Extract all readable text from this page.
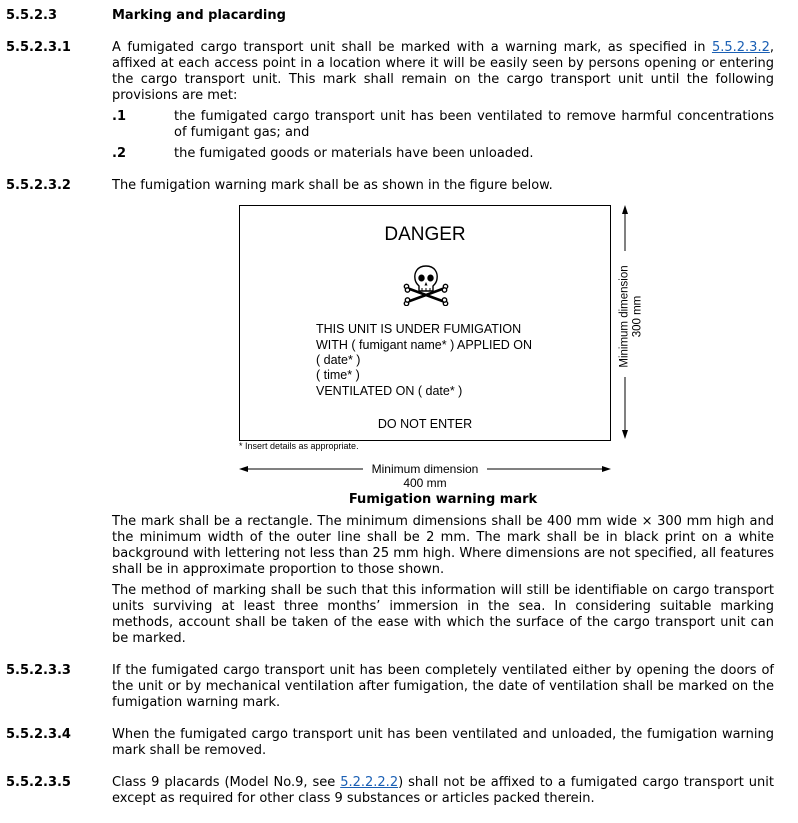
5.5.2.3	Marking and placarding
5.5.2.3.1	A fumigated cargo transport unit shall be marked with a warning mark, as specified in 5.5.2.3.2, affixed at each access point in a location where it will be easily seen by persons opening or entering the cargo transport unit. This mark shall remain on the cargo transport unit until the following provisions are met:
.1	the fumigated cargo transport unit has been ventilated to remove harmful concentrations of fumigant gas; and
.2	the fumigated goods or materials have been unloaded.
5.5.2.3.2	The fumigation warning mark shall be as shown in the figure below.
DANGER
THIS UNIT IS UNDER FUMIGATION
WITH ( fumigant name* ) APPLIED ON
( date* )
( time* )
VENTILATED ON ( date* )
DO NOT ENTER
* Insert details as appropriate.
Minimum dimension
400 mm
Minimum dimension 300 mm
Fumigation warning mark
The mark shall be a rectangle. The minimum dimensions shall be 400 mm wide × 300 mm high and the minimum width of the outer line shall be 2 mm. The mark shall be in black print on a white background with lettering not less than 25 mm high. Where dimensions are not specified, all features shall be in approximate proportion to those shown.
The method of marking shall be such that this information will still be identifiable on cargo transport units surviving at least three months’ immersion in the sea. In considering suitable marking methods, account shall be taken of the ease with which the surface of the cargo transport unit can be marked.
5.5.2.3.3	If the fumigated cargo transport unit has been completely ventilated either by opening the doors of the unit or by mechanical ventilation after fumigation, the date of ventilation shall be marked on the fumigation warning mark.
5.5.2.3.4	When the fumigated cargo transport unit has been ventilated and unloaded, the fumigation warning mark shall be removed.
5.5.2.3.5	Class 9 placards (Model No.9, see 5.2.2.2.2) shall not be affixed to a fumigated cargo transport unit except as required for other class 9 substances or articles packed therein.
